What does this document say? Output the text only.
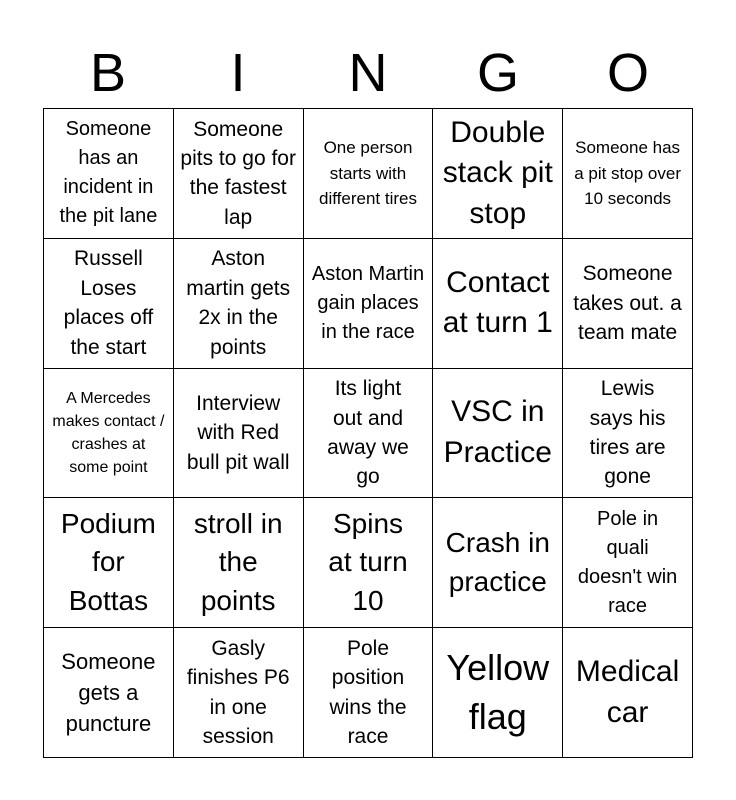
B	I	N	G	O
Someone has an incident in the pit lane
Someone pits to go for the fastest lap
One person starts with different tires
Double stack pit stop
Someone has a pit stop over 10 seconds
Russell Loses places off the start
Aston martin gets 2x in the points
Aston Martin gain places in the race
Contact at turn 1
Someone takes out. a team mate
A Mercedes makes contact / crashes at some point
Interview with Red bull pit wall
Its light out and away we go
VSC in Practice
Lewis says his tires are gone
Podium for Bottas
stroll in the points
Spins at turn 10
Crash in practice
Pole in quali doesn't win race
Someone gets a puncture
Gasly finishes P6 in one session
Pole position wins the race
Yellow flag
Medical car
